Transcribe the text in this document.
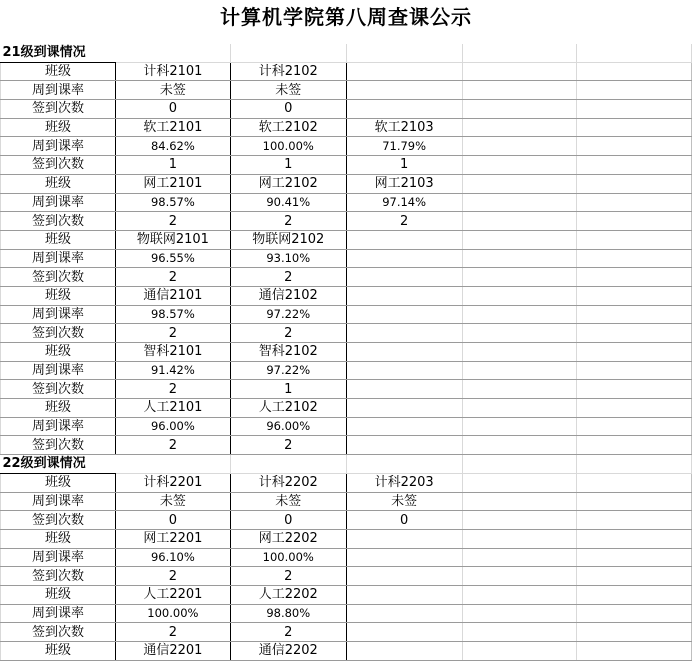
计算机学院第八周查课公示
21级到课情况					
班级	计科2101	计科2102			
周到课率	未签	未签			
签到次数	0	0			
班级	软工2101	软工2102	软工2103		
周到课率	84.62%	100.00%	71.79%		
签到次数	1	1	1		
班级	网工2101	网工2102	网工2103		
周到课率	98.57%	90.41%	97.14%		
签到次数	2	2	2		
班级	物联网2101	物联网2102			
周到课率	96.55%	93.10%			
签到次数	2	2			
班级	通信2101	通信2102			
周到课率	98.57%	97.22%			
签到次数	2	2			
班级	智科2101	智科2102			
周到课率	91.42%	97.22%			
签到次数	2	1			
班级	人工2101	人工2102			
周到课率	96.00%	96.00%			
签到次数	2	2			
22级到课情况					
班级	计科2201	计科2202	计科2203		
周到课率	未签	未签	未签		
签到次数	0	0	0		
班级	网工2201	网工2202			
周到课率	96.10%	100.00%			
签到次数	2	2			
班级	人工2201	人工2202			
周到课率	100.00%	98.80%			
签到次数	2	2			
班级	通信2201	通信2202			
